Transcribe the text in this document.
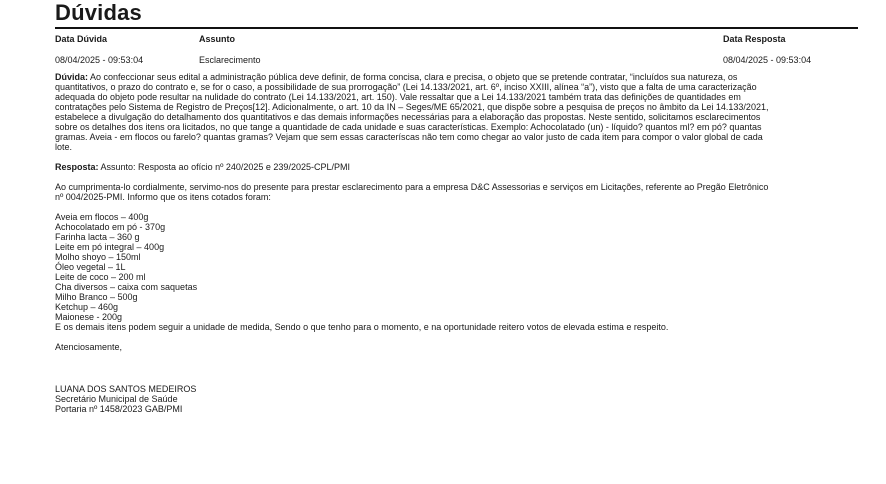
Dúvidas
Data Dúvida	Assunto	Data Resposta
08/04/2025 - 09:53:04	Esclarecimento	08/04/2025 - 09:53:04

Dúvida: Ao confeccionar seus edital a administração pública deve definir, de forma concisa, clara e precisa, o objeto que se pretende contratar, “incluídos sua natureza, os

quantitativos, o prazo do contrato e, se for o caso, a possibilidade de sua prorrogação” (Lei 14.133/2021, art. 6º, inciso XXIII, alínea “a”), visto que a falta de uma caracterização

adequada do objeto pode resultar na nulidade do contrato (Lei 14.133/2021, art. 150). Vale ressaltar que a Lei 14.133/2021 também trata das definições de quantidades em

contratações pelo Sistema de Registro de Preços[12]. Adicionalmente, o art. 10 da IN – Seges/ME 65/2021, que dispõe sobre a pesquisa de preços no âmbito da Lei 14.133/2021,

estabelece a divulgação do detalhamento dos quantitativos e das demais informações necessárias para a elaboração das propostas. Neste sentido, solicitamos esclarecimentos

sobre os detalhes dos itens ora licitados, no que tange a quantidade de cada unidade e suas características. Exemplo: Achocolatado (un) - líquido? quantos ml? em pó? quantas

gramas. Aveia - em flocos ou farelo? quantas gramas? Vejam que sem essas caracteríscas não tem como chegar ao valor justo de cada item para compor o valor global de cada

lote.

Resposta: Assunto: Resposta ao ofício nº 240/2025 e 239/2025-CPL/PMI

Ao cumprimenta-lo cordialmente, servimo-nos do presente para prestar esclarecimento para a empresa D&C Assessorias e serviços em Licitações, referente ao Pregão Eletrônico

nº 004/2025-PMI. Informo que os itens cotados foram:

Aveia em flocos – 400g

Achocolatado em pó - 370g

Farinha lacta – 360 g

Leite em pó integral – 400g

Molho shoyo – 150ml

Óleo vegetal – 1L

Leite de coco – 200 ml

Cha diversos – caixa com saquetas

Milho Branco – 500g

Ketchup – 460g

Maionese - 200g

E os demais itens podem seguir a unidade de medida, Sendo o que tenho para o momento, e na oportunidade reitero votos de elevada estima e respeito.

Atenciosamente,

LUANA DOS SANTOS MEDEIROS

Secretário Municipal de Saúde

Portaria nº 1458/2023 GAB/PMI
